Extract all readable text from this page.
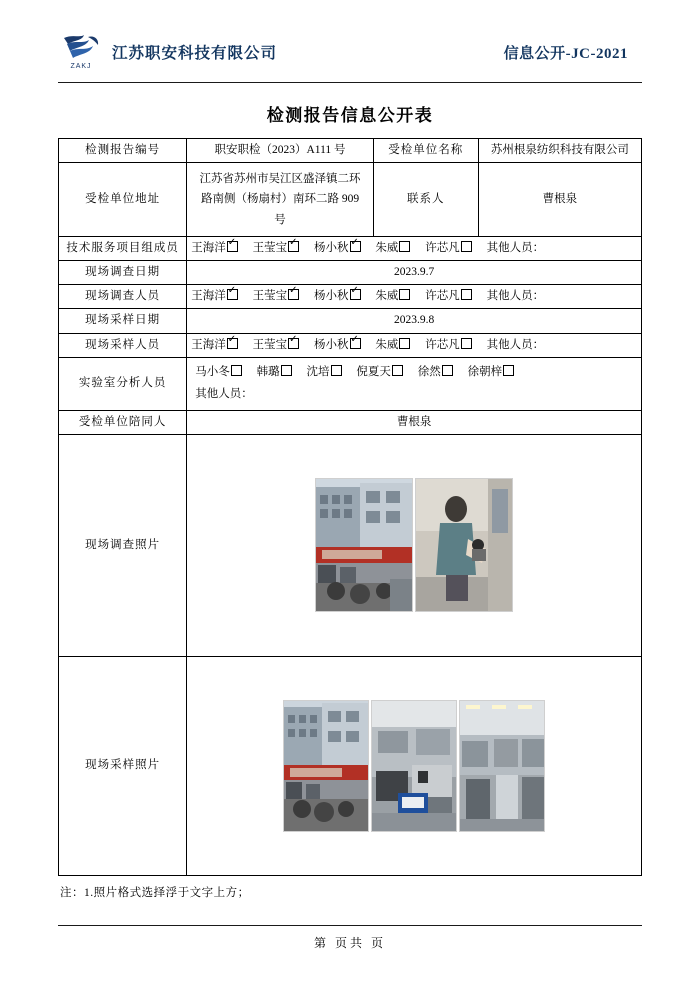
ZAKJ
江苏职安科技有限公司	信息公开-JC-2021
检测报告信息公开表
检测报告编号	职安职检（2023）A111 号	受检单位名称	苏州根泉纺织科技有限公司
受检单位地址	江苏省苏州市吴江区盛泽镇二环路南侧（杨扇村）南环二路 909 号	联系人	曹根泉
技术服务项目组成员	王海洋 ✓ 王莹宝 ✓ 杨小秋 ✓ 朱威 许芯凡 其他人员：
现场调查日期	2023.9.7		
现场调查人员	王海洋 ✓ 王莹宝 ✓ 杨小秋 ✓ 朱威 许芯凡 其他人员：
现场采样日期	2023.9.8		
现场采样人员	王海洋 ✓ 王莹宝 ✓ 杨小秋 ✓ 朱威 许芯凡 其他人员：
实验室分析人员	马小冬 韩璐 沈培 倪夏天 徐然 徐朝梓
其他人员：		
受检单位陪同人	曹根泉		
现场调查照片	

现场采样照片	
注：1.照片格式选择浮于文字上方；
第 页共 页
